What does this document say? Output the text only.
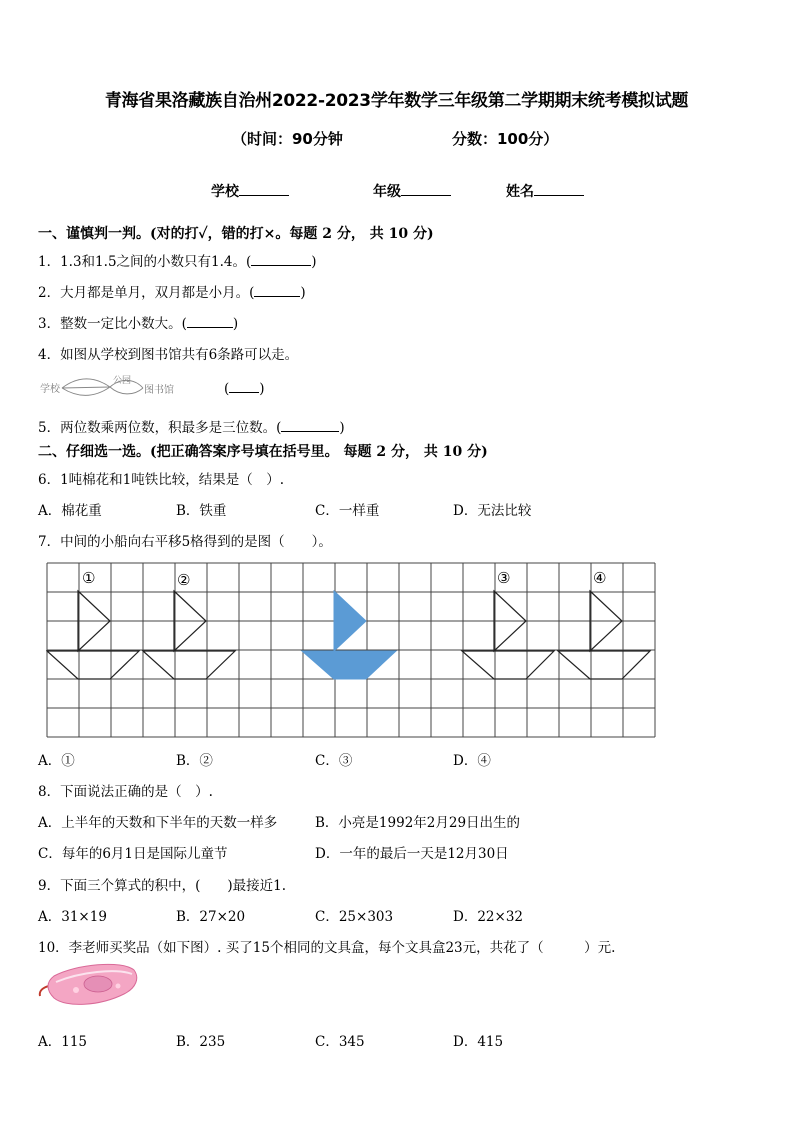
青海省果洛藏族自治州2022-2023学年数学三年级第二学期期末统考模拟试题
（时间：90分钟	分数：100分）
学校	年级	姓名
一、谨慎判一判。(对的打✓，错的打×。每题 2 分， 共 10 分)
1．1.3和1.5之间的小数只有1.4。(	)
2．大月都是单月，双月都是小月。(	)
3．整数一定比小数大。(	)
4．如图从学校到图书馆共有6条路可以走。
学校
公园
图书馆	( )
5．两位数乘两位数，积最多是三位数。(	)
二、仔细选一选。(把正确答案序号填在括号里。 每题 2 分， 共 10 分)
6．1吨棉花和1吨铁比较，结果是（　）.
A．棉花重	B．铁重	C．一样重	D．无法比较
7．中间的小船向右平移5格得到的是图（　　）。
①	②	③	④
A．①	B．②	C．③	D．④
8．下面说法正确的是（　）.
A．上半年的天数和下半年的天数一样多	B．小亮是1992年2月29日出生的
C．每年的6月1日是国际儿童节	D．一年的最后一天是12月30日
9．下面三个算式的积中，(　　)最接近1.
A．31×19	B．27×20	C．25×303	D．22×32
10．李老师买奖品（如下图）. 买了15个相同的文具盒，每个文具盒23元，共花了（　　　）元.
A．115	B．235	C．345	D．415
